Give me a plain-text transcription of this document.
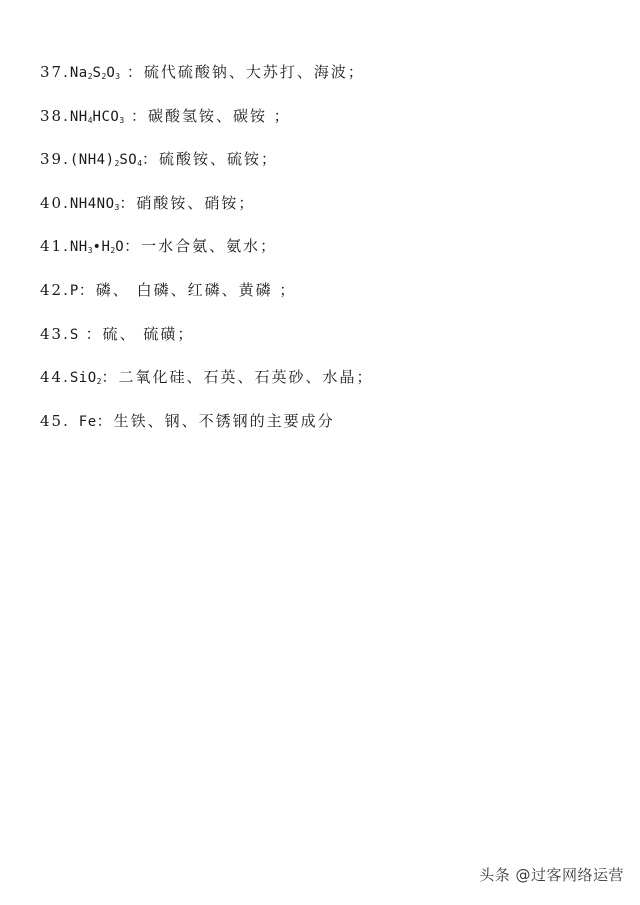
$37.Na_2S_2O_3$ ：硫代硫酸钠、大苏打、海波；
$38.NH_4HCO_3$ ：碳酸氢铵、碳铵 ；
$39.(NH4)_2SO_4$：硫酸铵、硫铵；
$40.NH4NO_3$：硝酸铵、硝铵；
$41.NH_3•H_2O$：一水合氨、氨水；
42.P：磷、 白磷、红磷、黄磷 ；
43.S ：硫、 硫磺；
44.SiO$_2$：二氧化硅、石英、石英砂、水晶；
45. Fe：生铁、钢、不锈钢的主要成分
头条 @过客网络运营
